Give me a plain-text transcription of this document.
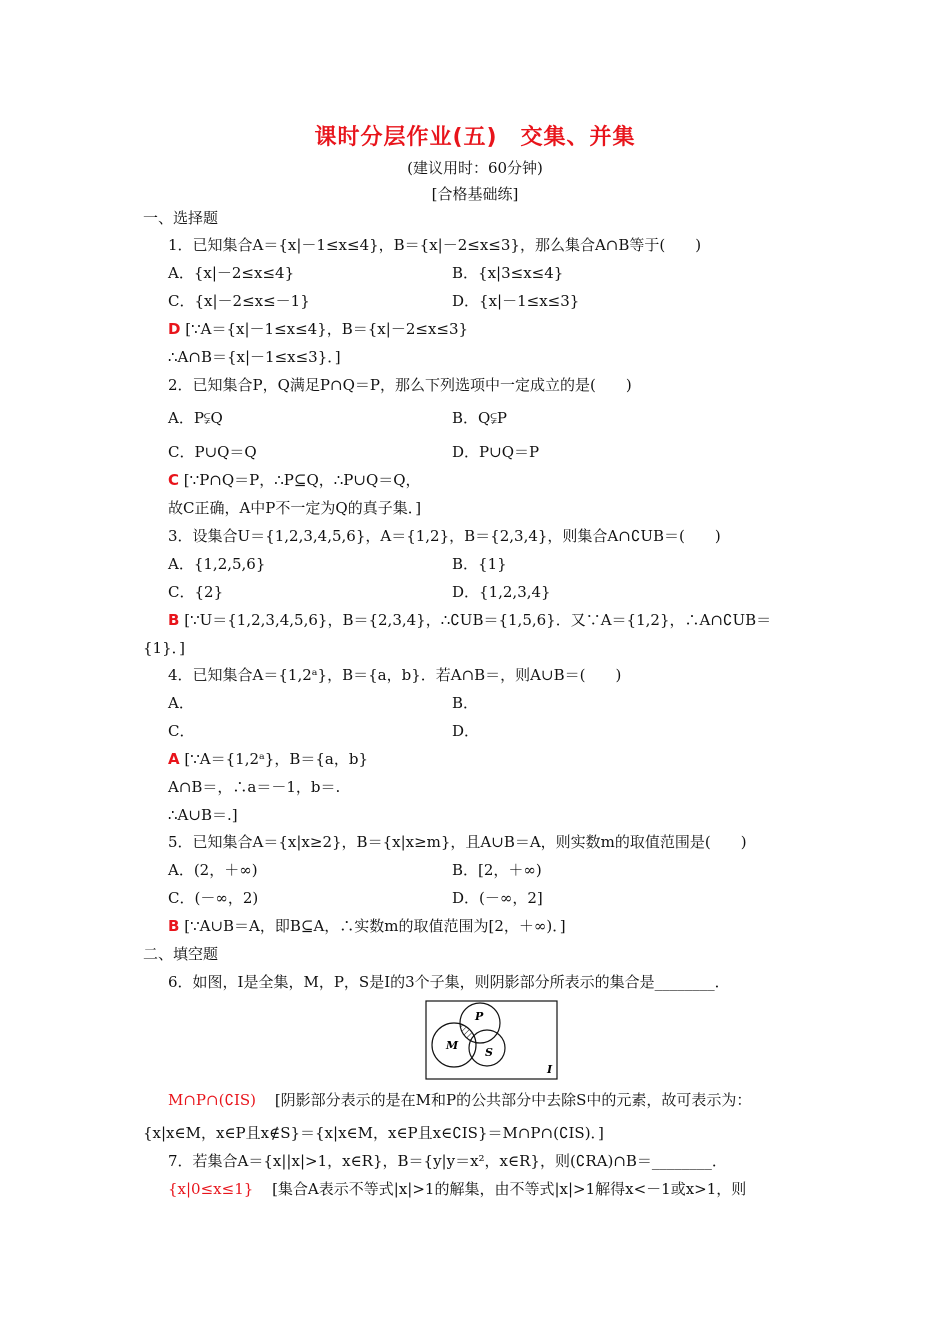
课时分层作业(五)　交集、并集
(建议用时：60分钟)
[合格基础练]
一、选择题
1．已知集合A＝{x|－1≤x≤4}，B＝{x|－2≤x≤3}，那么集合A∩B等于(　　)
A．{x|－2≤x≤4}	B．{x|3≤x≤4}
C．{x|－2≤x≤－1}	D．{x|－1≤x≤3}
D [∵A＝{x|－1≤x≤4}，B＝{x|－2≤x≤3}
∴A∩B＝{x|－1≤x≤3}．]
2．已知集合P，Q满足P∩Q＝P，那么下列选项中一定成立的是(　　)
A．P⫋Q	B．Q⫋P
C．P∪Q＝Q	D．P∪Q＝P
C [∵P∩Q＝P，∴P⊆Q，∴P∪Q＝Q，
故C正确，A中P不一定为Q的真子集．]
3．设集合U＝{1,2,3,4,5,6}，A＝{1,2}，B＝{2,3,4}，则集合A∩∁UB＝(　　)
A．{1,2,5,6}	B．{1}
C．{2}	D．{1,2,3,4}
B [∵U＝{1,2,3,4,5,6}，B＝{2,3,4}，∴∁UB＝{1,5,6}．又∵A＝{1,2}，∴A∩∁UB＝
{1}．]
4．已知集合A＝{1,2ᵃ}，B＝{a，b}．若A∩B＝，则A∪B＝(　　)
A．	B．
C．	D．
A [∵A＝{1,2ᵃ}，B＝{a，b}
A∩B＝，∴a＝－1，b＝.
∴A∪B＝.]
5．已知集合A＝{x|x≥2}，B＝{x|x≥m}，且A∪B＝A，则实数m的取值范围是(　　)
A．(2，＋∞)	B．[2，＋∞)
C．(－∞，2)	D．(－∞，2]
B [∵A∪B＝A，即B⊆A，∴实数m的取值范围为[2，＋∞)．]
二、填空题
6．如图，I是全集，M，P，S是I的3个子集，则阴影部分所表示的集合是________．
P
M
S
I
M∩P∩(∁IS) [阴影部分表示的是在M和P的公共部分中去除S中的元素，故可表示为：
{x|x∈M，x∈P且x∉S}＝{x|x∈M，x∈P且x∈∁IS}＝M∩P∩(∁IS)．]
7．若集合A＝{x||x|>1，x∈R}，B＝{y|y＝x²，x∈R}，则(∁RA)∩B＝________．
{x|0≤x≤1} [集合A表示不等式|x|>1的解集，由不等式|x|>1解得x<－1或x>1，则
